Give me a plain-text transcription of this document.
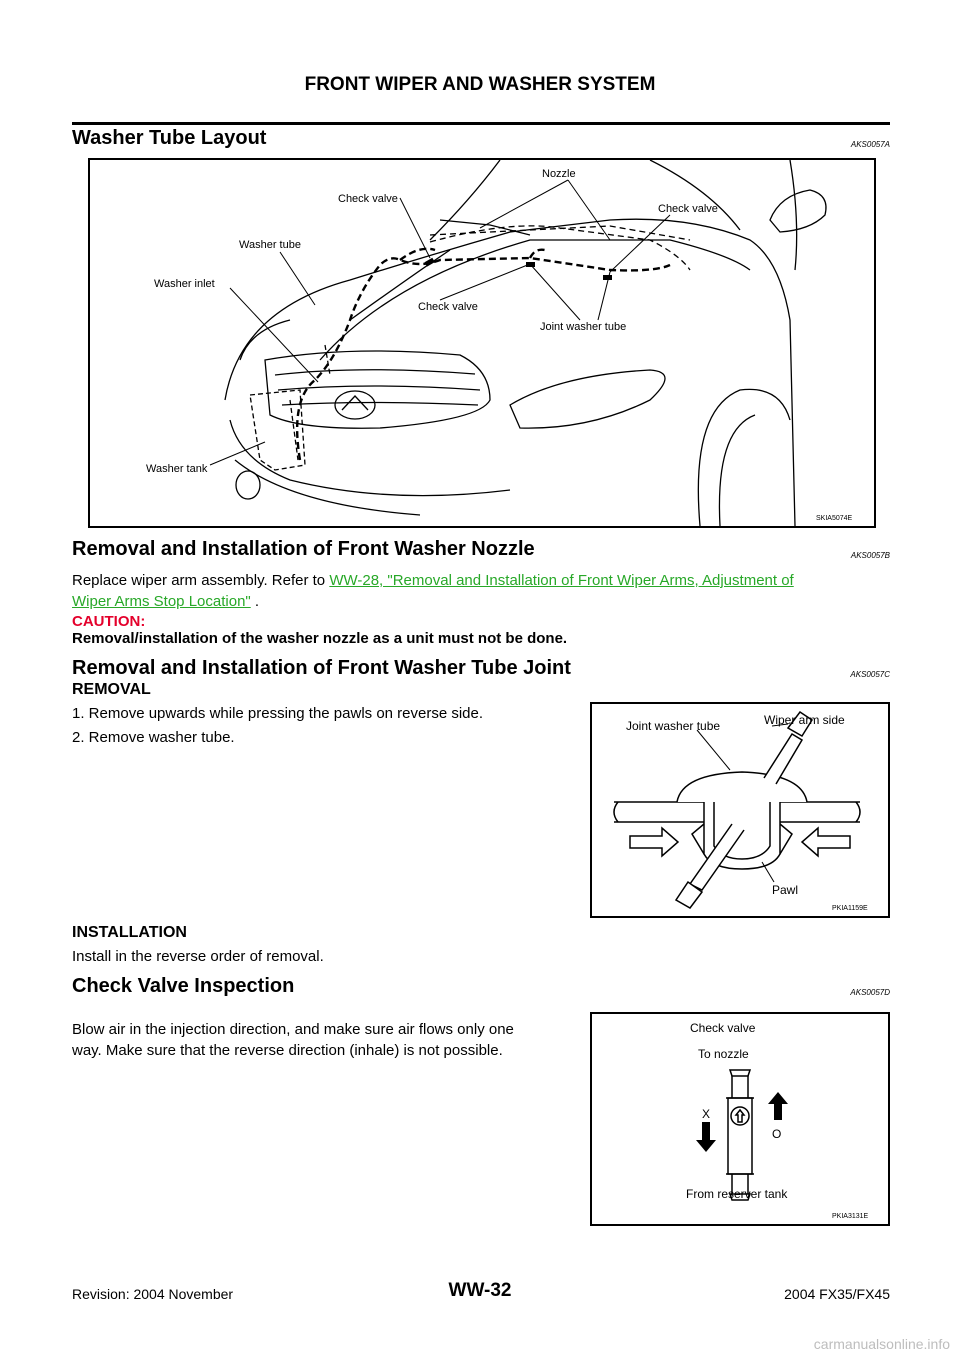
FRONT WIPER AND WASHER SYSTEM
Washer Tube Layout	AKS0057A
Nozzle
Check valve
Check valve
Washer tube
Washer inlet
Check valve
Joint washer tube
Washer tank
SKIA5074E
Removal and Installation of Front Washer Nozzle	AKS0057B
Replace wiper arm assembly. Refer to WW-28, "Removal and Installation of Front Wiper Arms, Adjustment of
Wiper Arms Stop Location" .
CAUTION:
Removal/installation of the washer nozzle as a unit must not be done.
Removal and Installation of Front Washer Tube Joint	AKS0057C
REMOVAL
1. Remove upwards while pressing the pawls on reverse side.
2. Remove washer tube.
Wiper arm side
Joint washer tube
Pawl
PKIA1159E
INSTALLATION
Install in the reverse order of removal.
Check Valve Inspection	AKS0057D
Blow air in the injection direction, and make sure air flows only one
way. Make sure that the reverse direction (inhale) is not possible.
Check valve
To nozzle
X
O
From reserver tank
PKIA3131E
WW-32
Revision: 2004 November	2004 FX35/FX45
carmanualsonline.info
